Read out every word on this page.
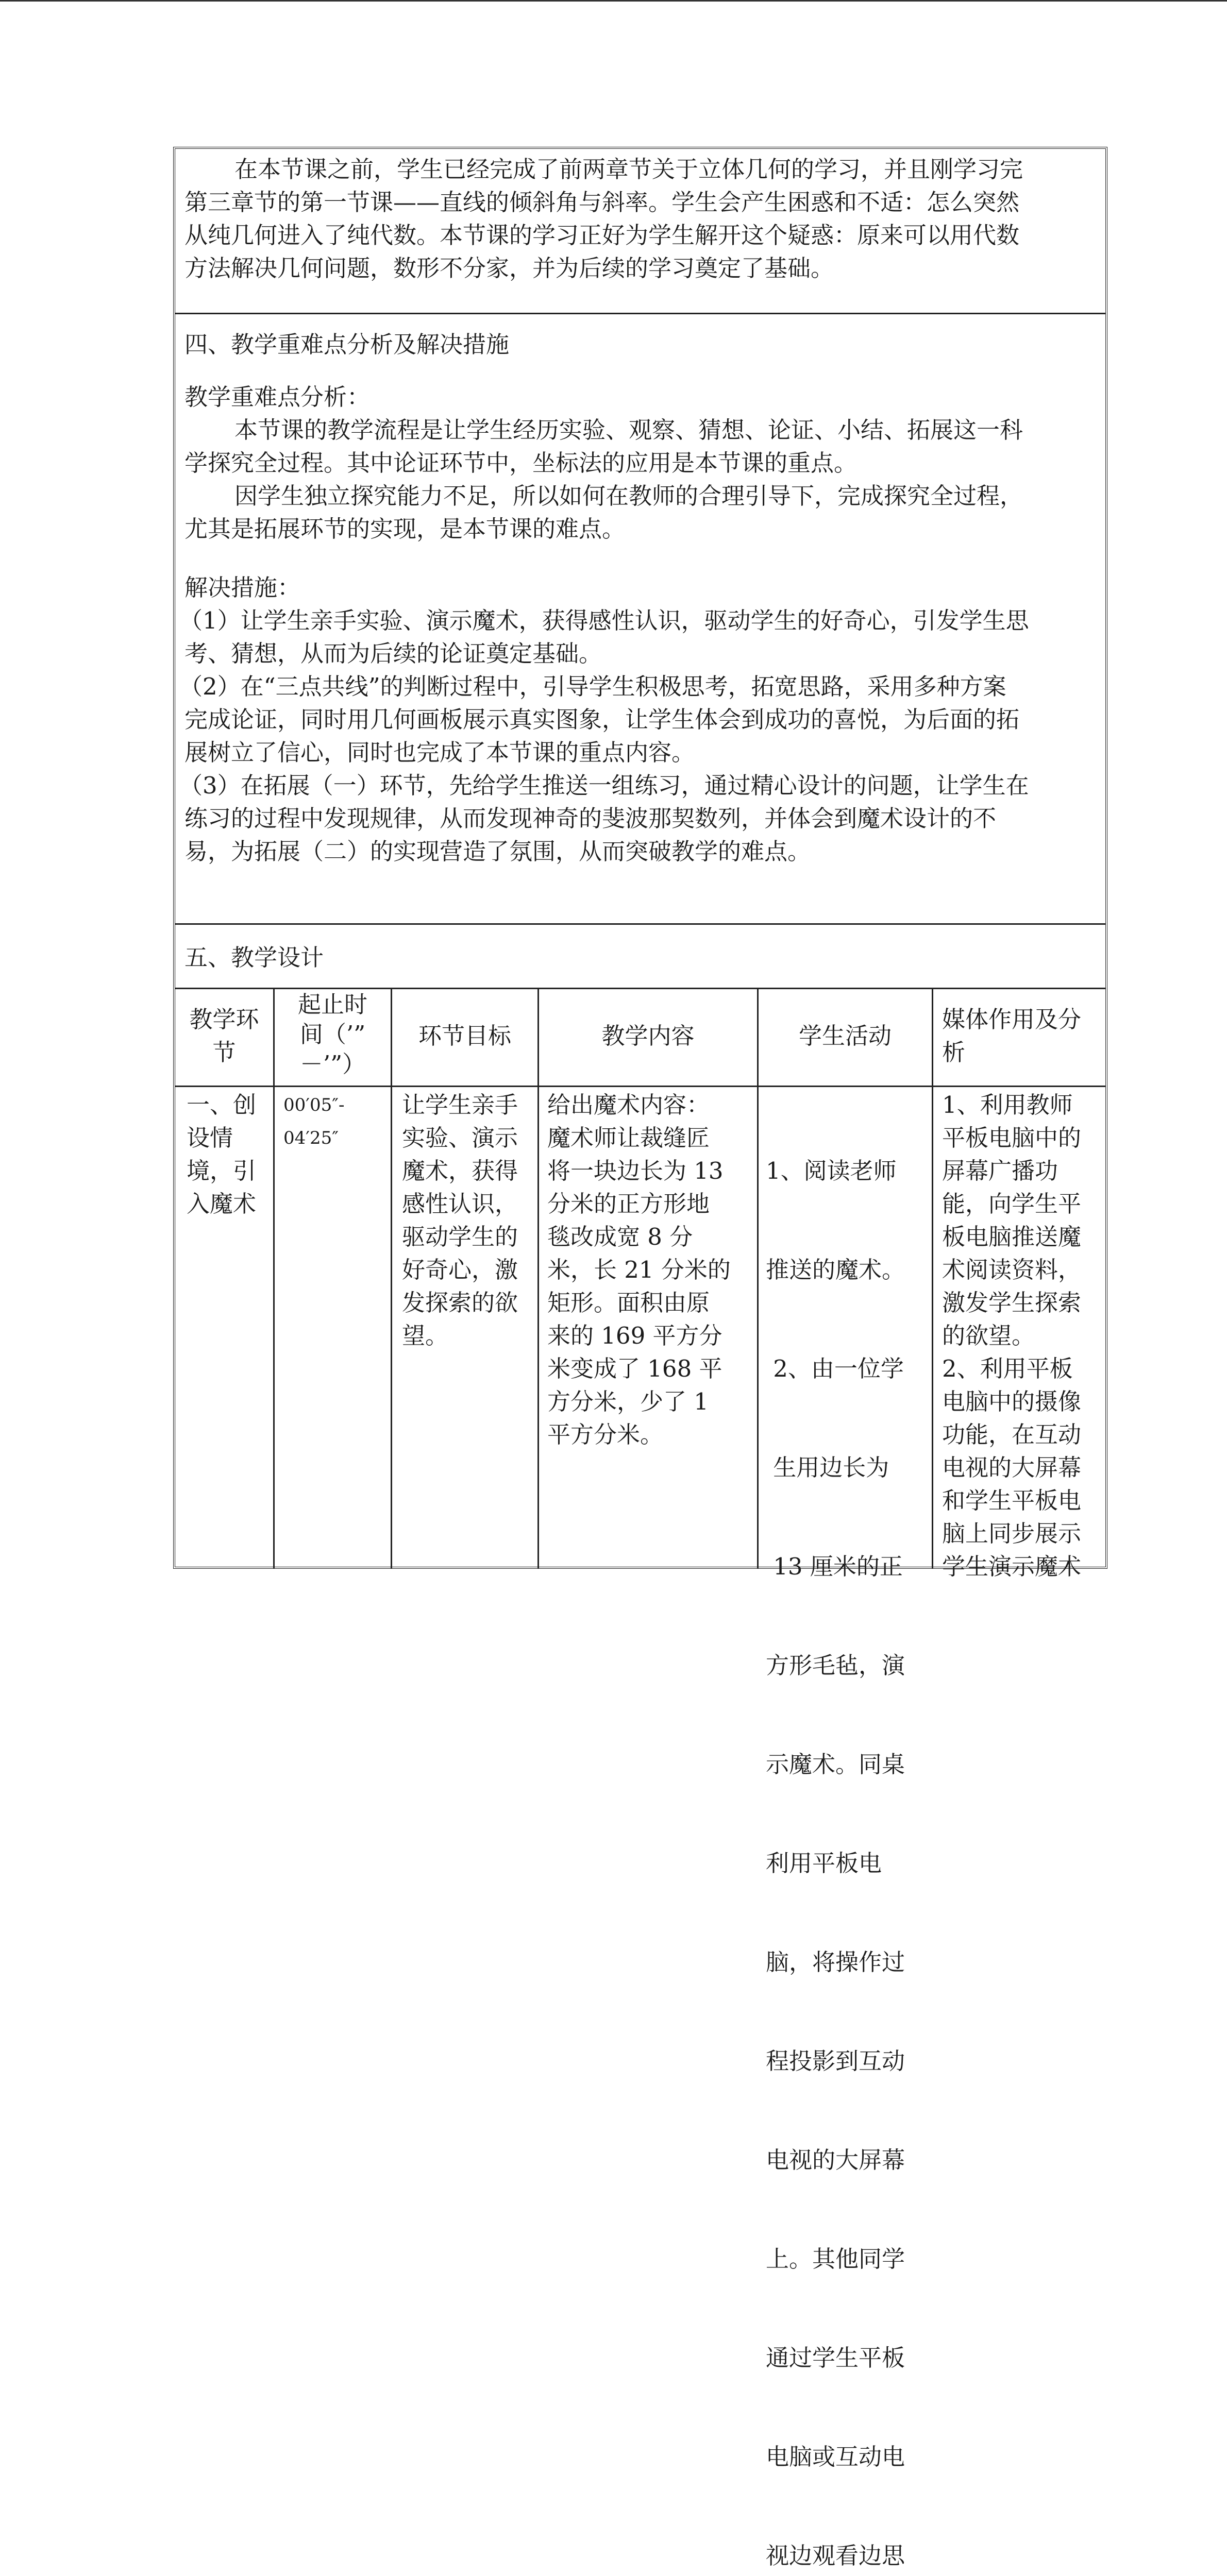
在本节课之前，学生已经完成了前两章节关于立体几何的学习，并且刚学习完
第三章节的第一节课——直线的倾斜角与斜率。学生会产生困惑和不适：怎么突然
从纯几何进入了纯代数。本节课的学习正好为学生解开这个疑惑：原来可以用代数
方法解决几何问题，数形不分家，并为后续的学习奠定了基础。
四、教学重难点分析及解决措施
教学重难点分析：
本节课的教学流程是让学生经历实验、观察、猜想、论证、小结、拓展这一科
学探究全过程。其中论证环节中，坐标法的应用是本节课的重点。
因学生独立探究能力不足，所以如何在教师的合理引导下，完成探究全过程，
尤其是拓展环节的实现，是本节课的难点。
解决措施：
（1）让学生亲手实验、演示魔术，获得感性认识，驱动学生的好奇心，引发学生思
考、猜想，从而为后续的论证奠定基础。
（2）在“三点共线”的判断过程中，引导学生积极思考，拓宽思路，采用多种方案
完成论证，同时用几何画板展示真实图象，让学生体会到成功的喜悦，为后面的拓
展树立了信心，同时也完成了本节课的重点内容。
（3）在拓展（一）环节，先给学生推送一组练习，通过精心设计的问题，让学生在
练习的过程中发现规律，从而发现神奇的斐波那契数列，并体会到魔术设计的不
易，为拓展（二）的实现营造了氛围，从而突破教学的难点。
五、教学设计
教学环
节
起止时
间（’”
－’”）
环节目标	教学内容	学生活动
媒体作用及分
析
一、创
设情
境，引
入魔术
00′05″-
04′25″
让学生亲手
实验、演示
魔术，获得
感性认识，
驱动学生的
好奇心，激
发探索的欲
望。
给出魔术内容：
魔术师让裁缝匠
将一块边长为 13
分米的正方形地
毯改成宽 8 分
米，长 21 分米的
矩形。面积由原
来的 169 平方分
米变成了 168 平
方分米，少了 1
平方分米。

1、阅读老师

推送的魔术。

2、由一位学

生用边长为

13 厘米的正

方形毛毡，演

示魔术。同桌

利用平板电

脑，将操作过

程投影到互动

电视的大屏幕

上。其他同学

通过学生平板

电脑或互动电

视边观看边思

1、利用教师
平板电脑中的
屏幕广播功
能，向学生平
板电脑推送魔
术阅读资料，
激发学生探索
的欲望。
2、利用平板
电脑中的摄像
功能，在互动
电视的大屏幕
和学生平板电
脑上同步展示
学生演示魔术
